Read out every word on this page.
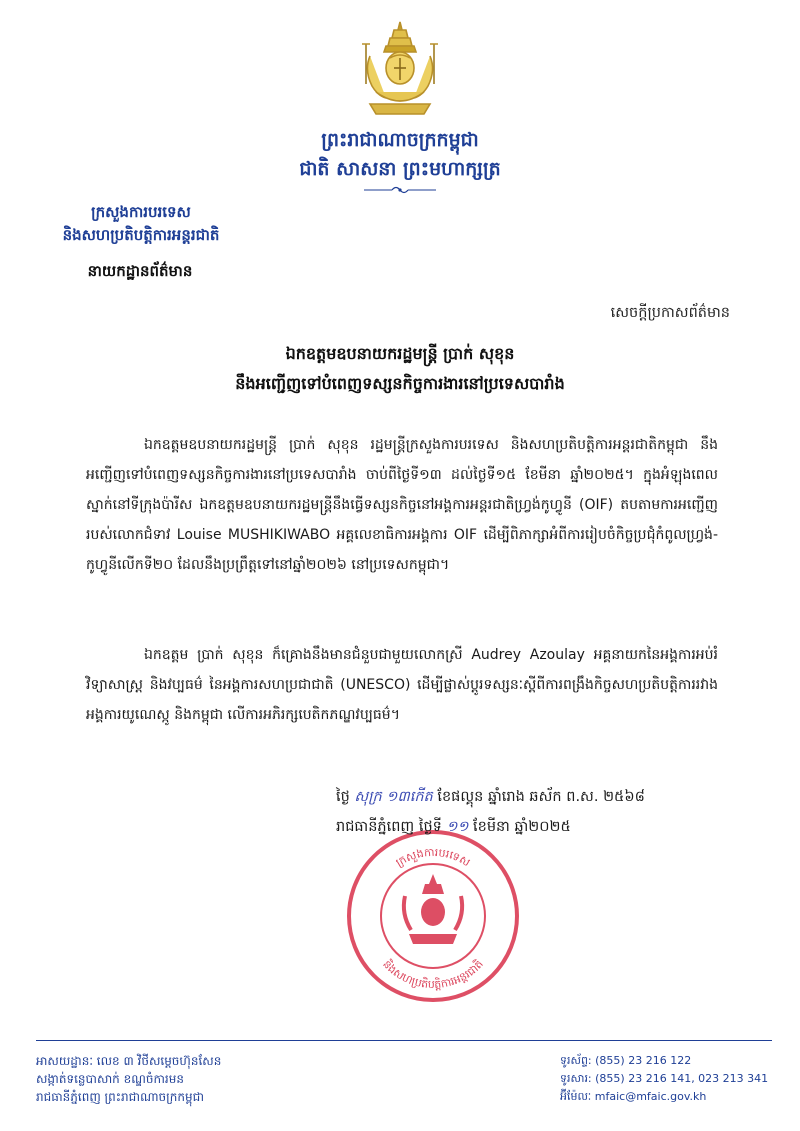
ព្រះរាជាណាចក្រកម្ពុជា
ជាតិ សាសនា ព្រះមហាក្សត្រ
ក្រសួងការបរទេស
និងសហប្រតិបត្តិការអន្តរជាតិ
នាយកដ្ឋានព័ត៌មាន
សេចក្តីប្រកាសព័ត៌មាន
ឯកឧត្តមឧបនាយករដ្ឋមន្ត្រី ប្រាក់ សុខុន
នឹងអញ្ជើញទៅបំពេញទស្សនកិច្ចការងារនៅប្រទេសបារាំង
ឯកឧត្តមឧបនាយករដ្ឋមន្ត្រី ប្រាក់ សុខុន រដ្ឋមន្ត្រីក្រសួងការបរទេស និងសហប្រតិបត្តិការអន្តរជាតិកម្ពុជា នឹងអញ្ជើញទៅបំពេញទស្សនកិច្ចការងារនៅប្រទេសបារាំង ចាប់ពីថ្ងៃទី១៣ ដល់ថ្ងៃទី១៥ ខែមីនា ឆ្នាំ២០២៥។ ក្នុងអំឡុងពេលស្នាក់នៅទីក្រុងប៉ារីស ឯកឧត្តមឧបនាយករដ្ឋមន្ត្រីនឹងធ្វើទស្សនកិច្ចនៅអង្គការអន្តរជាតិហ្វ្រង់កូហ្វូនី (OIF) តបតាមការអញ្ជើញរបស់លោកជំទាវ Louise MUSHIKIWABO អគ្គលេខាធិការអង្គការ OIF ដើម្បីពិភាក្សាអំពីការរៀបចំកិច្ចប្រជុំកំពូលហ្វ្រង់-កូហ្វូនីលើកទី២០ ដែលនឹងប្រព្រឹត្តទៅនៅឆ្នាំ២០២៦ នៅប្រទេសកម្ពុជា។
ឯកឧត្តម ប្រាក់ សុខុន ក៏គ្រោងនឹងមានជំនួបជាមួយលោកស្រី Audrey Azoulay អគ្គនាយកនៃអង្គការអប់រំ វិទ្យាសាស្ត្រ និងវប្បធម៌ នៃអង្គការសហប្រជាជាតិ (UNESCO) ដើម្បីផ្លាស់ប្តូរទស្សនៈស្តីពីការពង្រឹងកិច្ចសហប្រតិបត្តិការរវាងអង្គការយូណេស្កូ និងកម្ពុជា លើការអភិរក្សបេតិកភណ្ឌវប្បធម៌។
ក្រសួងការបរទេស
និងសហប្រតិបត្តិការអន្តរជាតិ
ថ្ងៃ សុក្រ ១៣កើត ខែផល្គុន ឆ្នាំរោង ឆស័ក ព.ស. ២៥៦៨
រាជធានីភ្នំពេញ ថ្ងៃទី ១១ ខែមីនា ឆ្នាំ២០២៥
អាសយដ្ឋានៈ លេខ ៣ វិថីសម្តេចហ៊ុនសែន
សង្កាត់ទន្លេបាសាក់ ខណ្ឌចំការមន
រាជធានីភ្នំពេញ ព្រះរាជាណាចក្រកម្ពុជា
ទូរស័ព្ទ: (855) 23 216 122
ទូរសារ: (855) 23 216 141, 023 213 341
អ៊ីម៉ែលៈ mfaic@mfaic.gov.kh
